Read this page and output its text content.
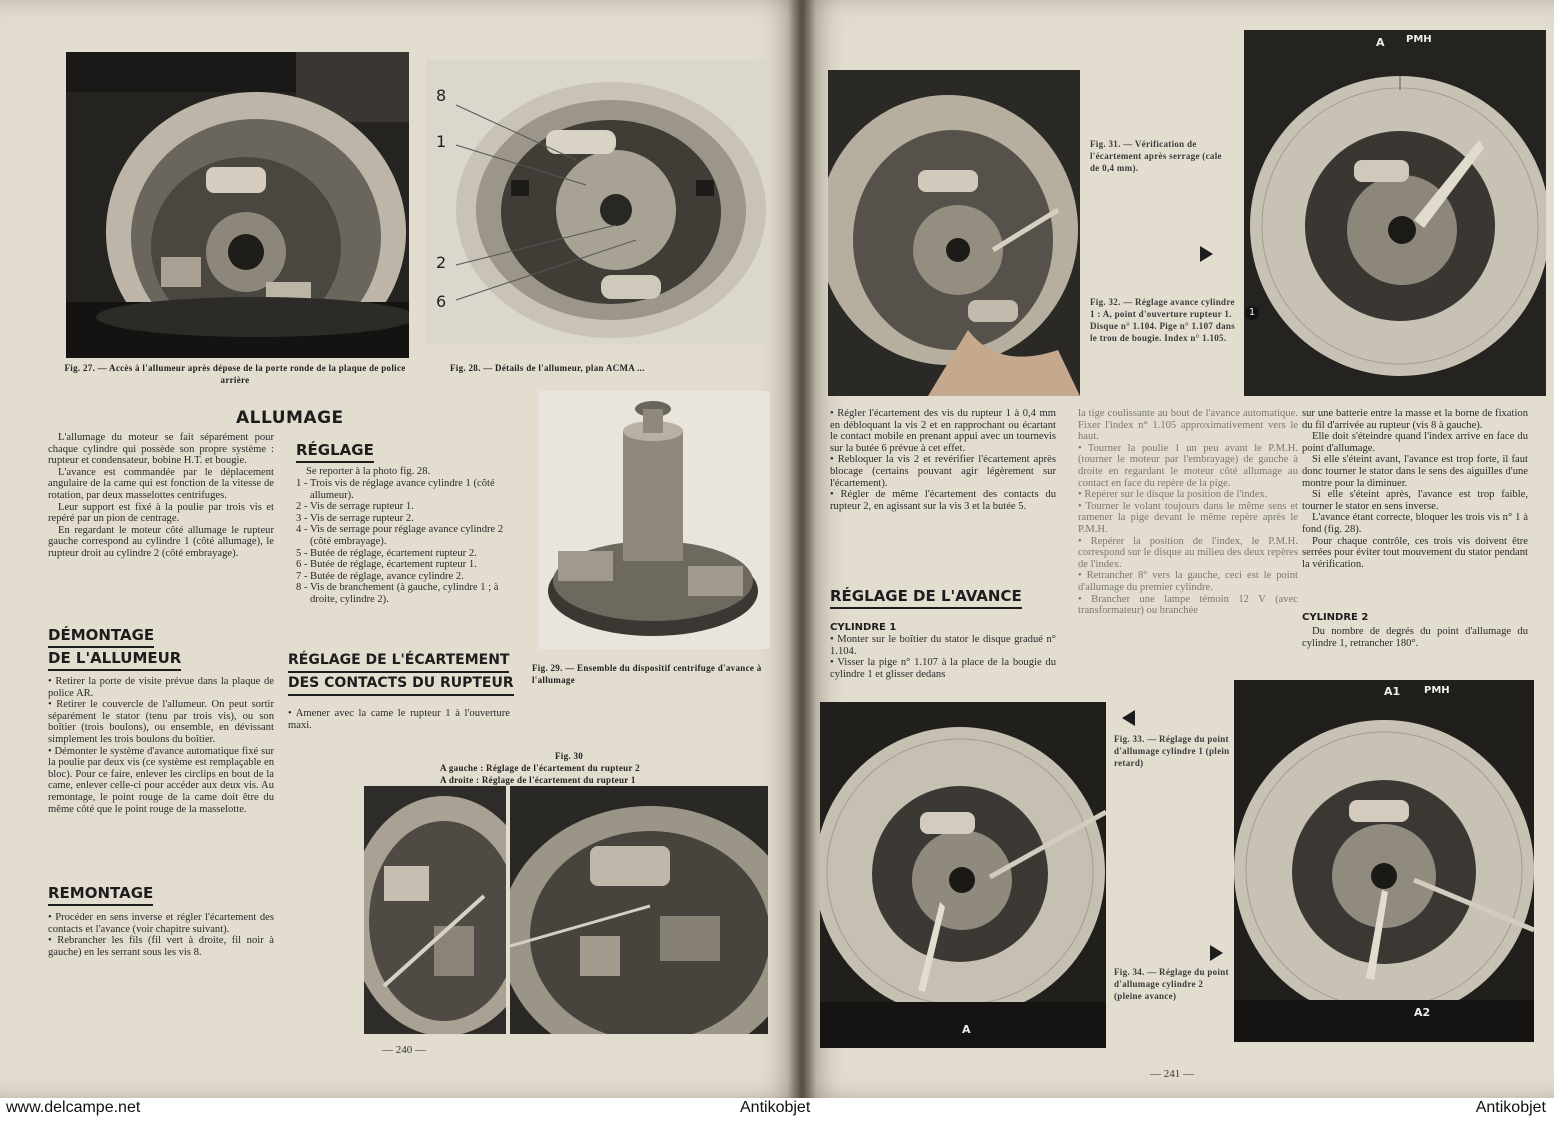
Fig. 27. — Accès à l'allumeur après dépose de la porte ronde de la plaque de police arrière
8
1
2
6
Fig. 28. — Détails de l'allumeur, plan ACMA ...
ALLUMAGE

L'allumage du moteur se fait séparément pour chaque cylindre qui possède son propre système : rupteur et condensateur, bobine H.T. et bougie.

L'avance est commandée par le déplacement angulaire de la came qui est fonction de la vitesse de rotation, par deux masselottes centrifuges.

Leur support est fixé à la poulie par trois vis et repéré par un pion de centrage.

En regardant le moteur côté allumage le rupteur gauche correspond au cylindre 1 (côté allumage), le rupteur droit au cylindre 2 (côté embrayage).

DÉMONTAGE
DE L'ALLUMEUR

• Retirer la porte de visite prévue dans la plaque de police AR.

• Retirer le couvercle de l'allumeur. On peut sortir séparément le stator (tenu par trois vis), ou son boîtier (trois boulons), ou ensemble, en dévissant simplement les trois boulons du boîtier.

• Démonter le système d'avance automatique fixé sur la poulie par deux vis (ce système est remplaçable en bloc). Pour ce faire, enlever les circlips en bout de la came, enlever celle-ci pour accéder aux deux vis. Au remontage, le point rouge de la came doit être du même côté que le point rouge de la masselotte.

REMONTAGE

• Procéder en sens inverse et régler l'écartement des contacts et l'avance (voir chapitre suivant).

• Rebrancher les fils (fil vert à droite, fil noir à gauche) en les serrant sous les vis 8.

RÉGLAGE
Se reporter à la photo fig. 28.
1 - Trois vis de réglage avance cylindre 1 (côté allumeur).
2 - Vis de serrage rupteur 1.
3 - Vis de serrage rupteur 2.
4 - Vis de serrage pour réglage avance cylindre 2 (côté embrayage).
5 - Butée de réglage, écartement rupteur 2.
6 - Butée de réglage, écartement rupteur 1.
7 - Butée de réglage, avance cylindre 2.
8 - Vis de branchement (à gauche, cylindre 1 ; à droite, cylindre 2).
RÉGLAGE DE L'ÉCARTEMENT
DES CONTACTS DU RUPTEUR
• Amener avec la came le rupteur 1 à l'ouverture maxi.
Fig. 29. — Ensemble du dispositif centrifuge d'avance à l'allumage
Fig. 30
A gauche : Réglage de l'écartement du rupteur 2
A droite : Réglage de l'écartement du rupteur 1
— 240 —
Fig. 31. — Vérification de l'écartement après serrage (cale de 0,4 mm).
Fig. 32. — Réglage avance cylindre 1 : A, point d'ouverture rupteur 1. Disque n° 1.104. Pige n° 1.107 dans le trou de bougie. Index n° 1.105.
A PMH
1

• Régler l'écartement des vis du rupteur 1 à 0,4 mm en débloquant la vis 2 et en rapprochant ou écartant le contact mobile en prenant appui avec un tournevis sur la butée 6 prévue à cet effet.

• Rebloquer la vis 2 et revérifier l'écartement après blocage (certains pouvant agir légèrement sur l'écartement).

• Régler de même l'écartement des contacts du rupteur 2, en agissant sur la vis 3 et la butée 5.

RÉGLAGE DE L'AVANCE
CYLINDRE 1

• Monter sur le boîtier du stator le disque gradué n° 1.104.

• Visser la pige n° 1.107 à la place de la bougie du cylindre 1 et glisser dedans

la tige coulissante au bout de l'avance automatique. Fixer l'index n° 1.105 approximativement vers le haut.

• Tourner la poulie 1 un peu avant le P.M.H. (tourner le moteur par l'embrayage) de gauche à droite en regardant le moteur côté allumage au contact en face du repère de la pige.

• Repérer sur le disque la position de l'index.

• Tourner le volant toujours dans le même sens et ramener la pige devant le même repère après le P.M.H.

• Repérer la position de l'index, le P.M.H. correspond sur le disque au milieu des deux repères de l'index.

• Retrancher 8° vers la gauche, ceci est le point d'allumage du premier cylindre.

• Brancher une lampe témoin 12 V (avec transformateur) ou branchée

sur une batterie entre la masse et la borne de fixation du fil d'arrivée au rupteur (vis 8 à gauche).

Elle doit s'éteindre quand l'index arrive en face du point d'allumage.

Si elle s'éteint avant, l'avance est trop forte, il faut donc tourner le stator dans le sens des aiguilles d'une montre pour la diminuer.

Si elle s'éteint après, l'avance est trop faible, tourner le stator en sens inverse.

L'avance étant correcte, bloquer les trois vis n° 1 à fond (fig. 28).

Pour chaque contrôle, ces trois vis doivent être serrées pour éviter tout mouvement du stator pendant la vérification.

CYLINDRE 2
Du nombre de degrés du point d'allumage du cylindre 1, retrancher 180°.
A
Fig. 33. — Réglage du point d'allumage cylindre 1 (plein retard)
Fig. 34. — Réglage du point d'allumage cylindre 2 (pleine avance)
A1 PMH
A2
— 241 —
www.delcampe.net	Antikobjet	Antikobjet
